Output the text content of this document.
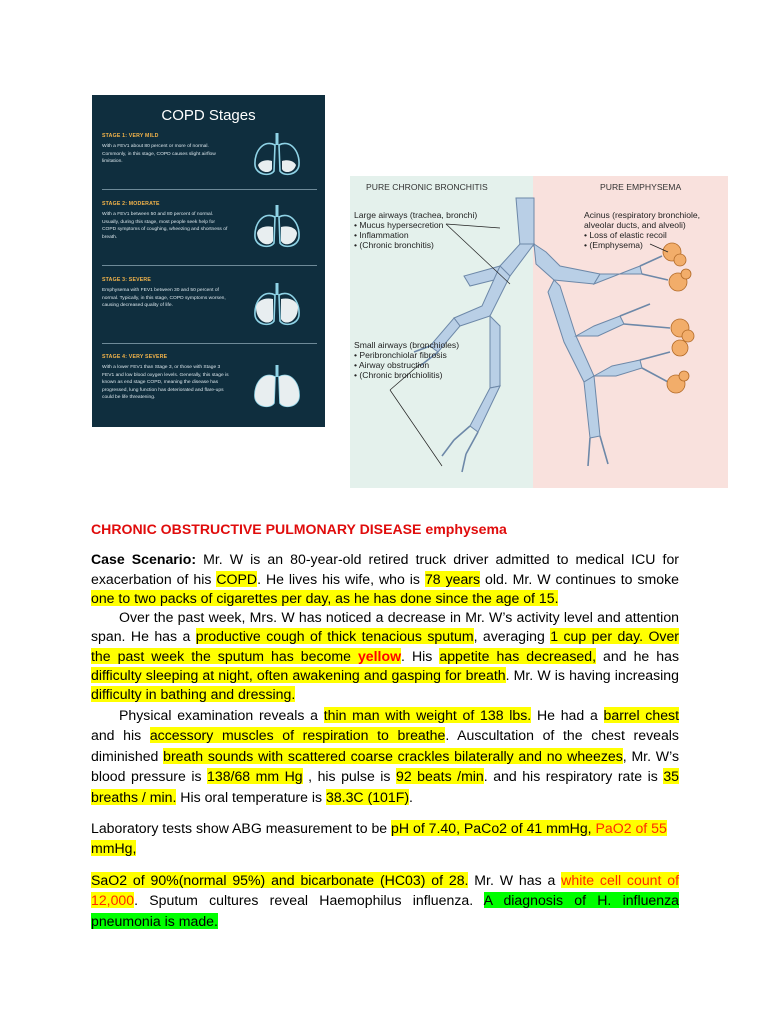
COPD Stages
STAGE 1: VERY MILD
With a FEV1 about 80 percent or more of normal. Commonly, in this stage, COPD causes slight airflow limitation.
STAGE 2: MODERATE
With a FEV1 between 50 and 80 percent of normal. Usually, during this stage, most people seek help for COPD symptoms of coughing, wheezing and shortness of breath.
STAGE 3: SEVERE
Emphysema with FEV1 between 30 and 50 percent of normal. Typically, in this stage, COPD symptoms worsen, causing decreased quality of life.
STAGE 4: VERY SEVERE
With a lower FEV1 than Stage 3, or those with Stage 3 FEV1 and low blood oxygen levels. Generally, this stage is known as end stage COPD, meaning the disease has progressed, lung function has deteriorated and flare-ups could be life threatening.
PURE CHRONIC BRONCHITIS	PURE EMPHYSEMA
Large airways (trachea, bronchi)
• Mucus hypersecretion
• Inflammation
• (Chronic bronchitis)
Small airways (bronchioles)
• Peribronchiolar fibrosis
• Airway obstruction
• (Chronic bronchiolitis)
Acinus (respiratory bronchiole,
alveolar ducts, and alveoli)
• Loss of elastic recoil
• (Emphysema)

CHRONIC OBSTRUCTIVE PULMONARY DISEASE emphysema

Case Scenario: Mr. W is an 80-year-old retired truck driver admitted to medical ICU for exacerbation of his COPD. He lives his wife, who is 78 years old. Mr. W continues to smoke one to two packs of cigarettes per day, as he has done since the age of 15.

Over the past week, Mrs. W has noticed a decrease in Mr. W’s activity level and attention span. He has a productive cough of thick tenacious sputum, averaging 1 cup per day. Over the past week the sputum has become yellow. His appetite has decreased, and he has difficulty sleeping at night, often awakening and gasping for breath. Mr. W is having increasing difficulty in bathing and dressing.

Physical examination reveals a thin man with weight of 138 lbs. He had a barrel chest and his accessory muscles of respiration to breathe. Auscultation of the chest reveals diminished breath sounds with scattered coarse crackles bilaterally and no wheezes, Mr. W’s blood pressure is 138/68 mm Hg , his pulse is 92 beats /min. and his respiratory rate is 35 breaths / min. His oral temperature is 38.3C (101F).

Laboratory tests show ABG measurement to be pH of 7.40, PaCo2 of 41 mmHg, PaO2 of 55 mmHg,

SaO2 of 90%(normal 95%) and bicarbonate (HC03) of 28. Mr. W has a white cell count of 12,000. Sputum cultures reveal Haemophilus influenza. A diagnosis of H. influenza pneumonia is made.
